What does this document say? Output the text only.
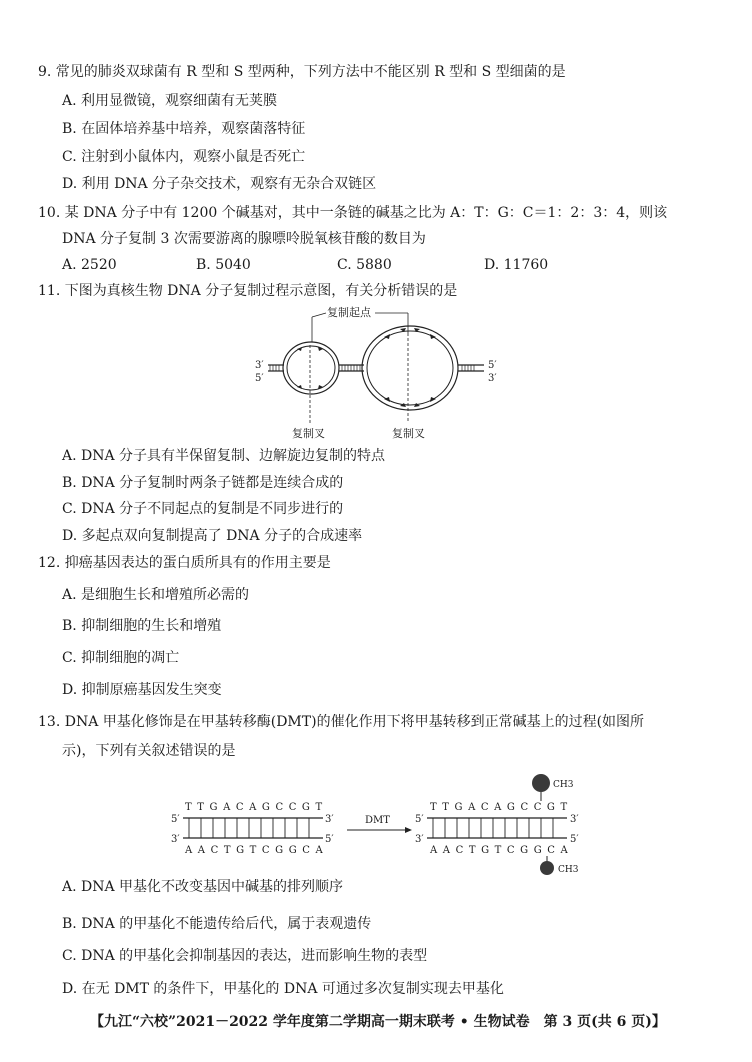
9. 常见的肺炎双球菌有 R 型和 S 型两种，下列方法中不能区别 R 型和 S 型细菌的是
A. 利用显微镜，观察细菌有无荚膜
B. 在固体培养基中培养，观察菌落特征
C. 注射到小鼠体内，观察小鼠是否死亡
D. 利用 DNA 分子杂交技术，观察有无杂合双链区
10. 某 DNA 分子中有 1200 个碱基对，其中一条链的碱基之比为 A：T：G：C＝1：2：3：4，则该
DNA 分子复制 3 次需要游离的腺嘌呤脱氧核苷酸的数目为
A. 2520	B. 5040	C. 5880	D. 11760
11. 下图为真核生物 DNA 分子复制过程示意图，有关分析错误的是
复制起点
3′
5′
5′
3′
复制叉	复制叉
A. DNA 分子具有半保留复制、边解旋边复制的特点
B. DNA 分子复制时两条子链都是连续合成的
C. DNA 分子不同起点的复制是不同步进行的
D. 多起点双向复制提高了 DNA 分子的合成速率
12. 抑癌基因表达的蛋白质所具有的作用主要是
A. 是细胞生长和增殖所必需的
B. 抑制细胞的生长和增殖
C. 抑制细胞的凋亡
D. 抑制原癌基因发生突变
13. DNA 甲基化修饰是在甲基转移酶(DMT)的催化作用下将甲基转移到正常碱基上的过程(如图所
示)，下列有关叙述错误的是
T T G A C A G C C G T
5′	3′
3′	5′
A A C T G T C G G C A
DMT
CH3
T T G A C A G C C G T
5′	3′
3′	5′
A A C T G T C G G C A
CH3
A. DNA 甲基化不改变基因中碱基的排列顺序
B. DNA 的甲基化不能遗传给后代，属于表观遗传
C. DNA 的甲基化会抑制基因的表达，进而影响生物的表型
D. 在无 DMT 的条件下，甲基化的 DNA 可通过多次复制实现去甲基化
【九江“六校”2021－2022 学年度第二学期高一期末联考 • 生物试卷　第 3 页(共 6 页)】
